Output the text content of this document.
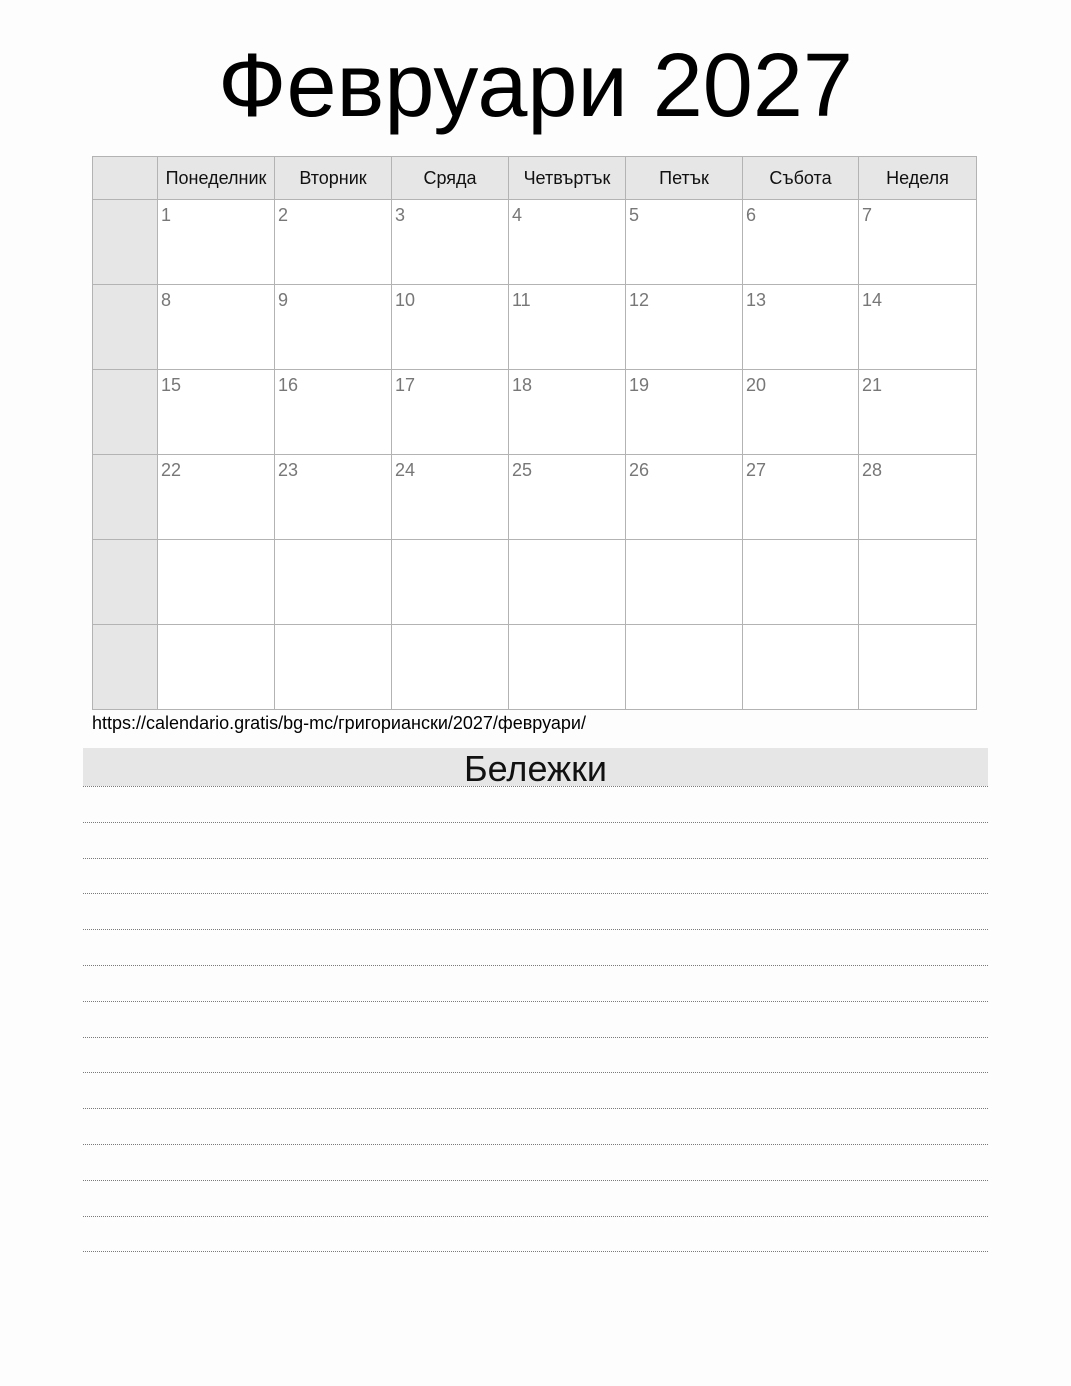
Февруари 2027
	Понеделник	Вторник	Сряда	Четвъртък	Петък	Събота	Неделя

	1	2	3	4	5	6	7

	8	9	10	11	12	13	14

	15	16	17	18	19	20	21

	22	23	24	25	26	27	28

https://calendario.gratis/bg-mc/григориански/2027/февруари/
Бележки
